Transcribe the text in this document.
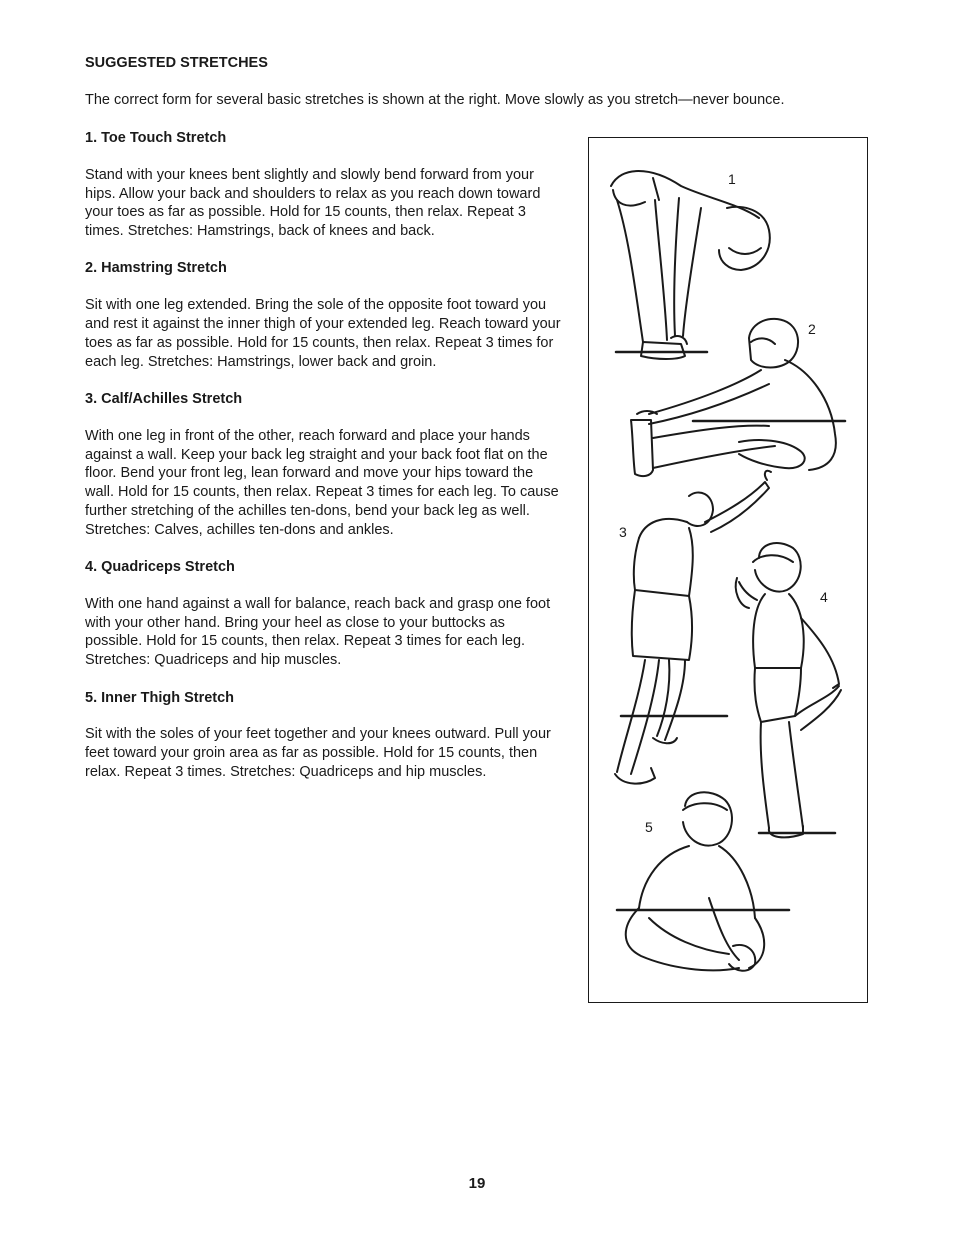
SUGGESTED STRETCHES

The correct form for several basic stretches is shown at the right. Move slowly as you stretch—never bounce.

1. Toe Touch Stretch

Stand with your knees bent slightly and slowly bend forward from your hips. Allow your back and shoulders to relax as you reach down toward your toes as far as possible. Hold for 15 counts, then relax. Repeat 3 times. Stretches: Hamstrings, back of knees and back.

2. Hamstring Stretch

Sit with one leg extended. Bring the sole of the opposite foot toward you and rest it against the inner thigh of your extended leg. Reach toward your toes as far as possible. Hold for 15 counts, then relax. Repeat 3 times for each leg. Stretches: Hamstrings, lower back and groin.

3. Calf/Achilles Stretch

With one leg in front of the other, reach forward and place your hands against a wall. Keep your back leg straight and your back foot flat on the floor. Bend your front leg, lean forward and move your hips toward the wall. Hold for 15 counts, then relax. Repeat 3 times for each leg. To cause further stretching of the achilles ten-dons, bend your back leg as well. Stretches: Calves, achilles ten-dons and ankles.

4. Quadriceps Stretch

With one hand against a wall for balance, reach back and grasp one foot with your other hand. Bring your heel as close to your buttocks as possible. Hold for 15 counts, then relax. Repeat 3 times for each leg. Stretches: Quadriceps and hip muscles.

5. Inner Thigh Stretch

Sit with the soles of your feet together and your knees outward. Pull your feet toward your groin area as far as possible. Hold for 15 counts, then relax. Repeat 3 times. Stretches: Quadriceps and hip muscles.

1
2
3
4
5
19
